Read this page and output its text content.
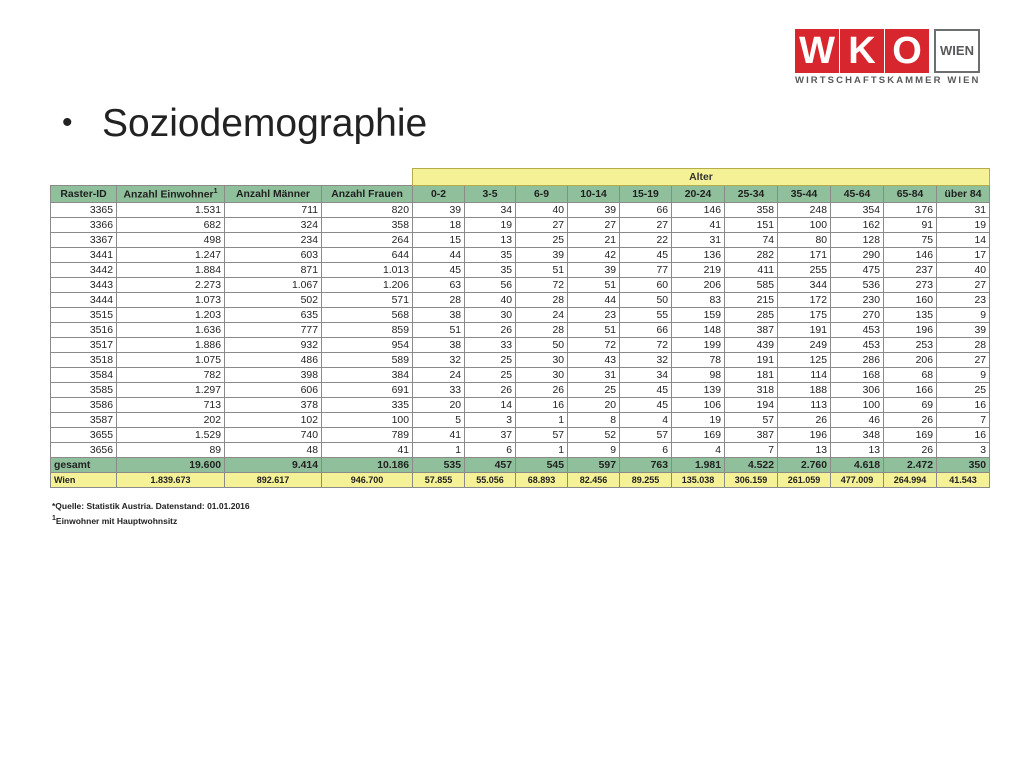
W K O	WIEN
WIRTSCHAFTSKAMMER WIEN
• Soziodemographie
				Alter										
Raster-ID	Anzahl Einwohner$^1$	Anzahl Männer	Anzahl Frauen	0-2	3-5	6-9	10-14	15-19	20-24	25-34	35-44	45-64	65-84	über 84
3365	1.531	711	820	39	34	40	39	66	146	358	248	354	176	31
3366	682	324	358	18	19	27	27	27	41	151	100	162	91	19
3367	498	234	264	15	13	25	21	22	31	74	80	128	75	14
3441	1.247	603	644	44	35	39	42	45	136	282	171	290	146	17
3442	1.884	871	1.013	45	35	51	39	77	219	411	255	475	237	40
3443	2.273	1.067	1.206	63	56	72	51	60	206	585	344	536	273	27
3444	1.073	502	571	28	40	28	44	50	83	215	172	230	160	23
3515	1.203	635	568	38	30	24	23	55	159	285	175	270	135	9
3516	1.636	777	859	51	26	28	51	66	148	387	191	453	196	39
3517	1.886	932	954	38	33	50	72	72	199	439	249	453	253	28
3518	1.075	486	589	32	25	30	43	32	78	191	125	286	206	27
3584	782	398	384	24	25	30	31	34	98	181	114	168	68	9
3585	1.297	606	691	33	26	26	25	45	139	318	188	306	166	25
3586	713	378	335	20	14	16	20	45	106	194	113	100	69	16
3587	202	102	100	5	3	1	8	4	19	57	26	46	26	7
3655	1.529	740	789	41	37	57	52	57	169	387	196	348	169	16
3656	89	48	41	1	6	1	9	6	4	7	13	13	26	3
gesamt	19.600	9.414	10.186	535	457	545	597	763	1.981	4.522	2.760	4.618	2.472	350
Wien	1.839.673	892.617	946.700	57.855	55.056	68.893	82.456	89.255	135.038	306.159	261.059	477.009	264.994	41.543
*Quelle: Statistik Austria. Datenstand: 01.01.2016
$^1$Einwohner mit Hauptwohnsitz
